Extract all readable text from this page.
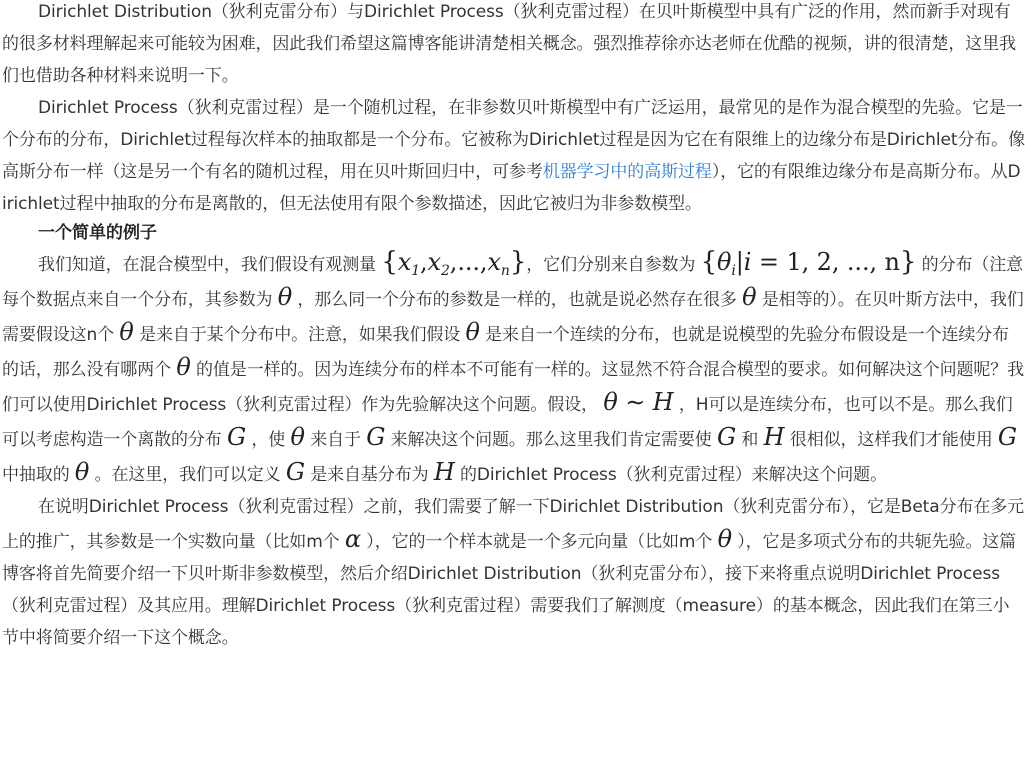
Dirichlet Distribution（狄利克雷分布）与Dirichlet Process（狄利克雷过程）在贝叶斯模型中具有广泛的作用，然而新手对现有的很多材料理解起来可能较为困难，因此我们希望这篇博客能讲清楚相关概念。强烈推荐徐亦达老师在优酷的视频，讲的很清楚，这里我们也借助各种材料来说明一下。

Dirichlet Process（狄利克雷过程）是一个随机过程，在非参数贝叶斯模型中有广泛运用，最常见的是作为混合模型的先验。它是一个分布的分布，Dirichlet过程每次样本的抽取都是一个分布。它被称为Dirichlet过程是因为它在有限维上的边缘分布是Dirichlet分布。像高斯分布一样（这是另一个有名的随机过程，用在贝叶斯回归中，可参考机器学习中的高斯过程），它的有限维边缘分布是高斯分布。从Dirichlet过程中抽取的分布是离散的，但无法使用有限个参数描述，因此它被归为非参数模型。

一个简单的例子

我们知道，在混合模型中，我们假设有观测量 $\{x_1,x_2,...,x_n\}$，它们分别来自参数为 {$\theta_i|i = 1$, 2, ..., n} 的分布（注意每个数据点来自一个分布，其参数为 θ ，那么同一个分布的参数是一样的，也就是说必然存在很多 θ 是相等的）。在贝叶斯方法中，我们需要假设这n个 θ 是来自于某个分布中。注意，如果我们假设 θ 是来自一个连续的分布，也就是说模型的先验分布假设是一个连续分布的话，那么没有哪两个 θ 的值是一样的。因为连续分布的样本不可能有一样的。这显然不符合混合模型的要求。如何解决这个问题呢？我们可以使用Dirichlet Process（狄利克雷过程）作为先验解决这个问题。假设， θ ∼ H ，H可以是连续分布，也可以不是。那么我们可以考虑构造一个离散的分布 G ，使 θ 来自于 G 来解决这个问题。那么这里我们肯定需要使 G 和 H 很相似，这样我们才能使用 G 中抽取的 θ 。在这里，我们可以定义 G 是来自基分布为 H 的Dirichlet Process（狄利克雷过程）来解决这个问题。

在说明Dirichlet Process（狄利克雷过程）之前，我们需要了解一下Dirichlet Distribution（狄利克雷分布），它是Beta分布在多元上的推广，其参数是一个实数向量（比如m个 α ），它的一个样本就是一个多元向量（比如m个 θ ），它是多项式分布的共轭先验。这篇博客将首先简要介绍一下贝叶斯非参数模型，然后介绍Dirichlet Distribution（狄利克雷分布），接下来将重点说明Dirichlet Process（狄利克雷过程）及其应用。理解Dirichlet Process（狄利克雷过程）需要我们了解测度（measure）的基本概念，因此我们在第三小节中将简要介绍一下这个概念。
